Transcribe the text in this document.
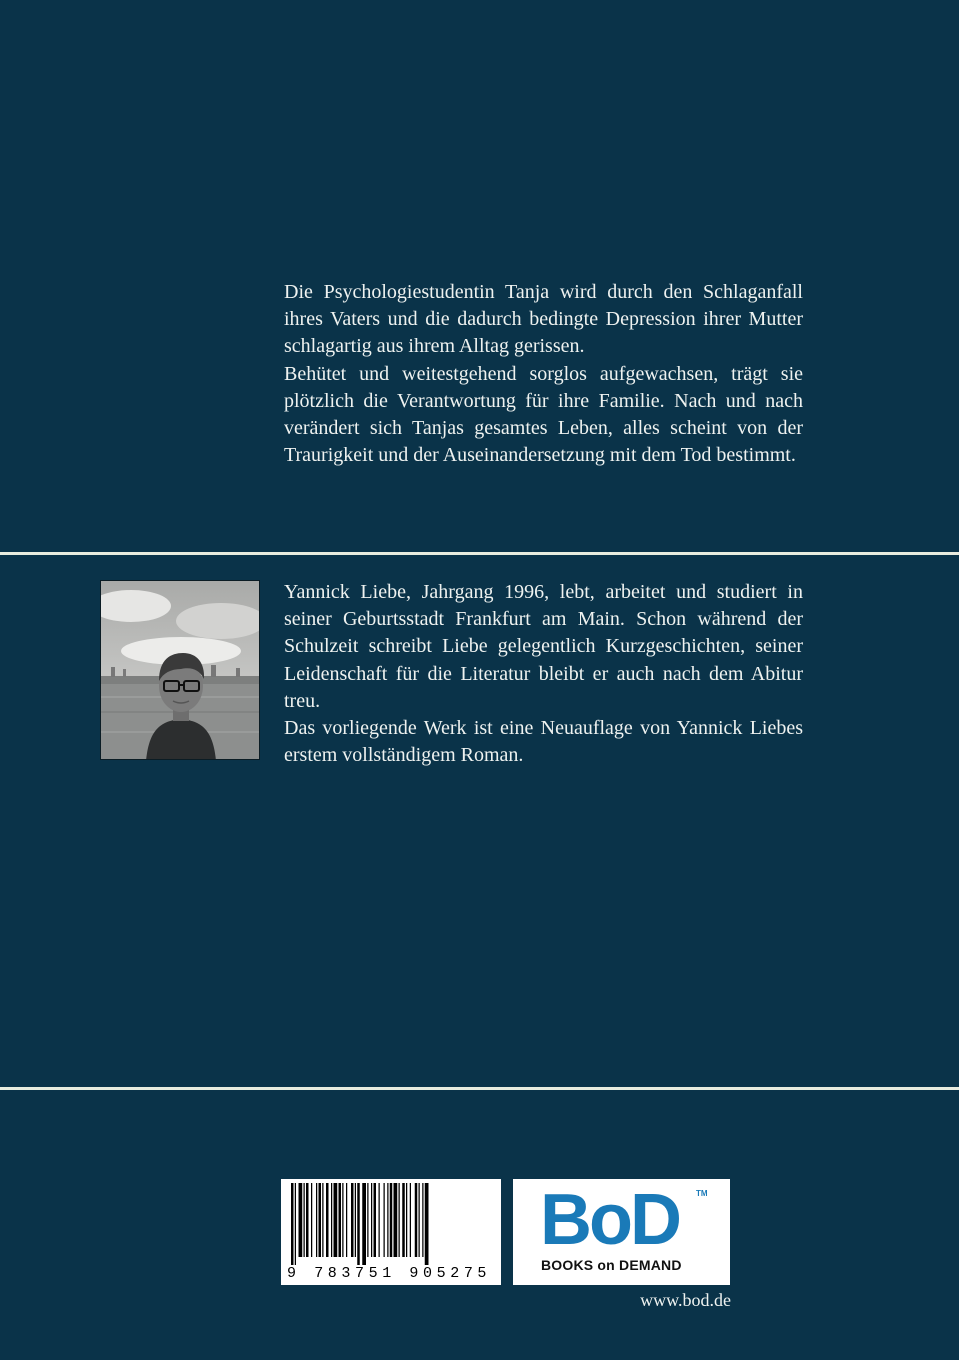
Die Psychologiestudentin Tanja wird durch den Schlaganfall ihres Vaters und die dadurch bedingte Depression ihrer Mutter schlagartig aus ihrem Alltag gerissen.

Behütet und weitestgehend sorglos aufgewachsen, trägt sie plötzlich die Verantwortung für ihre Familie. Nach und nach verändert sich Tanjas gesamtes Leben, alles scheint von der Traurigkeit und der Auseinandersetzung mit dem Tod bestimmt.

Yannick Liebe, Jahrgang 1996, lebt, arbeitet und studiert in seiner Geburtsstadt Frankfurt am Main. Schon während der Schulzeit schreibt Liebe gelegentlich Kurzgeschichten, seiner Leidenschaft für die Literatur bleibt er auch nach dem Abitur treu.

Das vorliegende Werk ist eine Neuauflage von Yannick Liebes erstem vollständigem Roman.

9 783751 905275
BoD TM
BOOKS on DEMAND
www.bod.de
